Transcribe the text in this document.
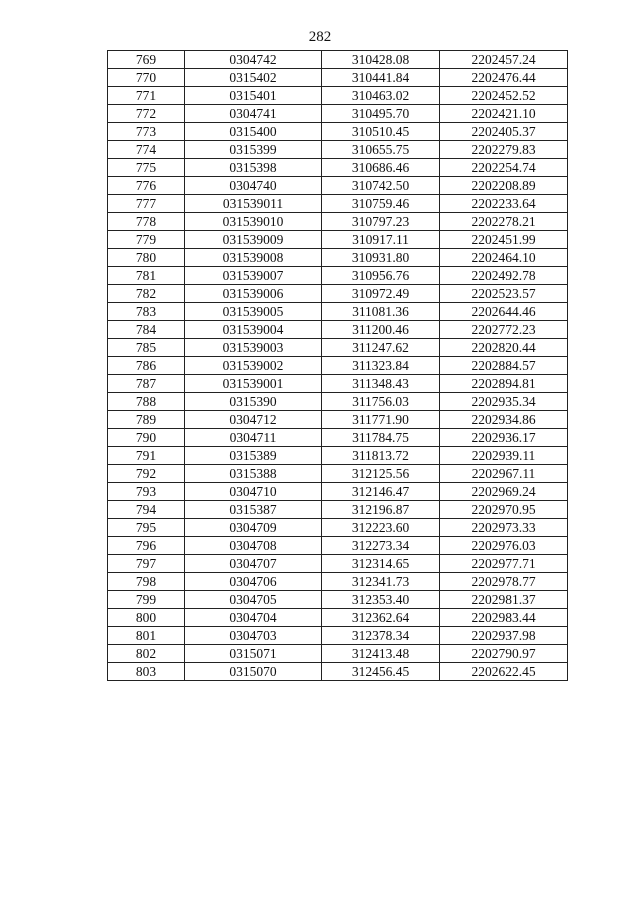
282
769	0304742	310428.08	2202457.24
770	0315402	310441.84	2202476.44
771	0315401	310463.02	2202452.52
772	0304741	310495.70	2202421.10
773	0315400	310510.45	2202405.37
774	0315399	310655.75	2202279.83
775	0315398	310686.46	2202254.74
776	0304740	310742.50	2202208.89
777	031539011	310759.46	2202233.64
778	031539010	310797.23	2202278.21
779	031539009	310917.11	2202451.99
780	031539008	310931.80	2202464.10
781	031539007	310956.76	2202492.78
782	031539006	310972.49	2202523.57
783	031539005	311081.36	2202644.46
784	031539004	311200.46	2202772.23
785	031539003	311247.62	2202820.44
786	031539002	311323.84	2202884.57
787	031539001	311348.43	2202894.81
788	0315390	311756.03	2202935.34
789	0304712	311771.90	2202934.86
790	0304711	311784.75	2202936.17
791	0315389	311813.72	2202939.11
792	0315388	312125.56	2202967.11
793	0304710	312146.47	2202969.24
794	0315387	312196.87	2202970.95
795	0304709	312223.60	2202973.33
796	0304708	312273.34	2202976.03
797	0304707	312314.65	2202977.71
798	0304706	312341.73	2202978.77
799	0304705	312353.40	2202981.37
800	0304704	312362.64	2202983.44
801	0304703	312378.34	2202937.98
802	0315071	312413.48	2202790.97
803	0315070	312456.45	2202622.45
